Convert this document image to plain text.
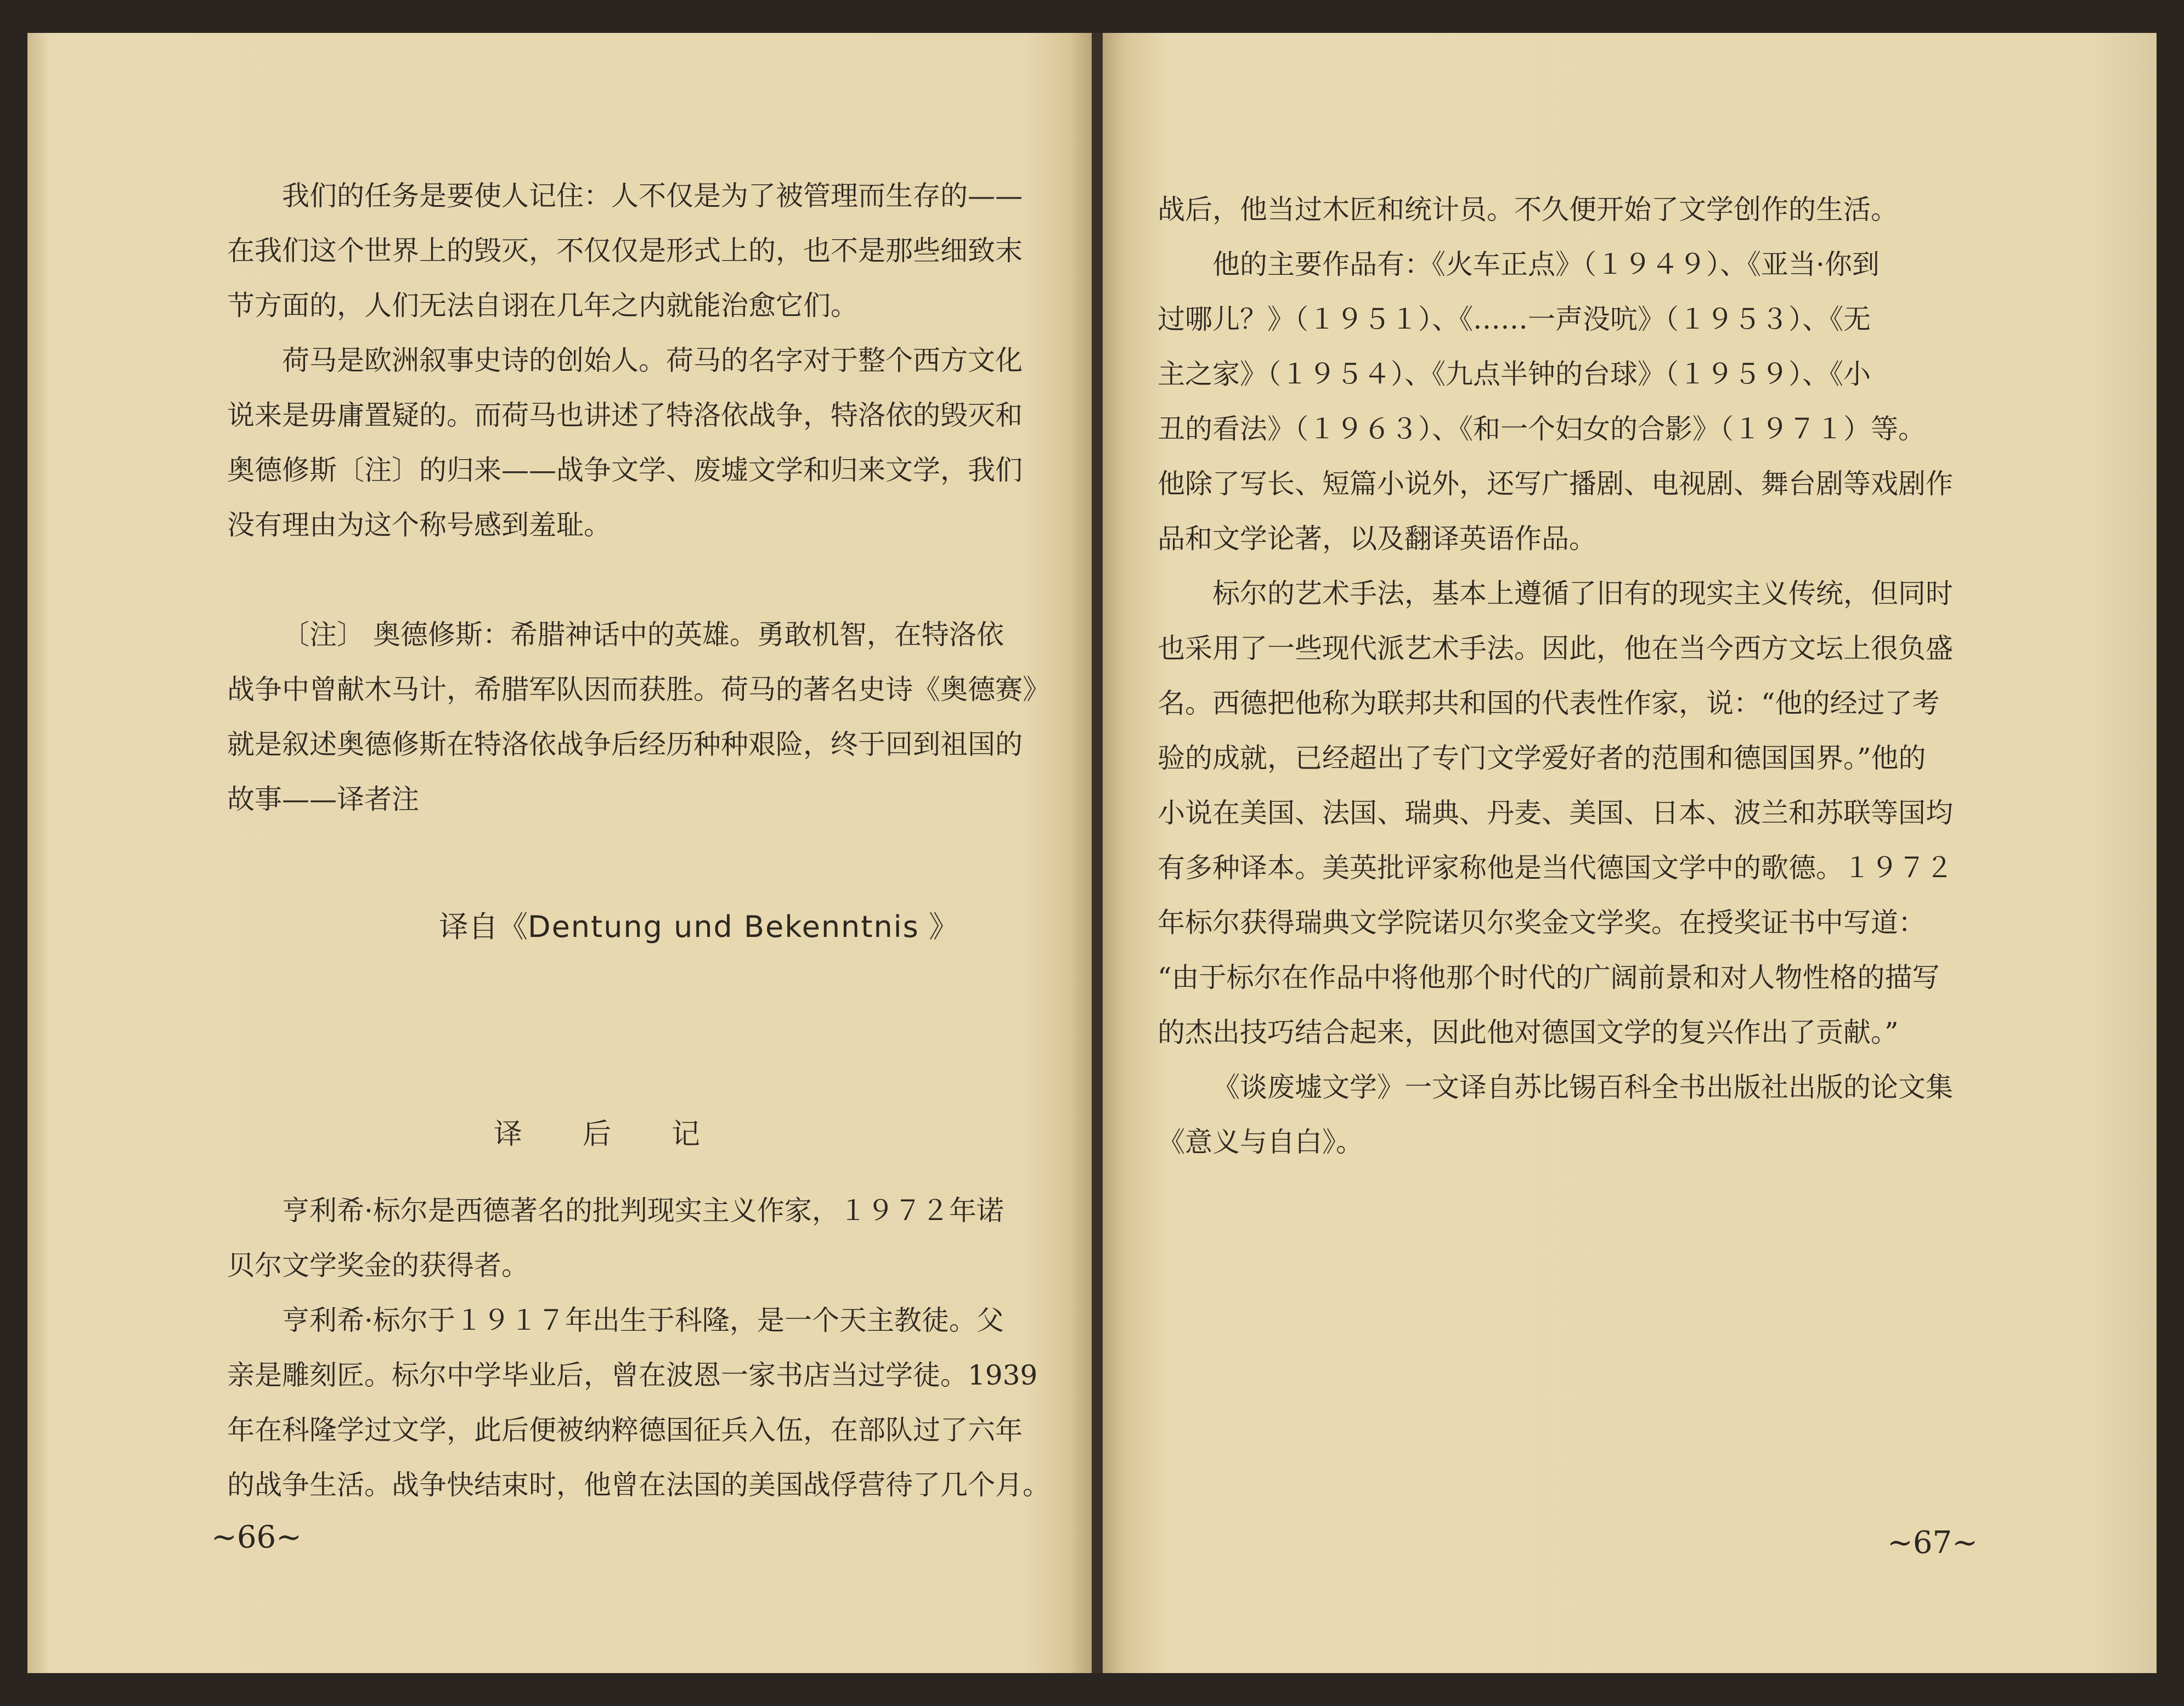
我们的任务是要使人记住：人不仅是为了被管理而生存的——

在我们这个世界上的毁灭，不仅仅是形式上的，也不是那些细致末

节方面的，人们无法自诩在几年之内就能治愈它们。

荷马是欧洲叙事史诗的创始人。荷马的名字对于整个西方文化

说来是毋庸置疑的。而荷马也讲述了特洛依战争，特洛依的毁灭和

奥德修斯〔注〕的归来——战争文学、废墟文学和归来文学，我们

没有理由为这个称号感到羞耻。

〔注〕 奥德修斯：希腊神话中的英雄。勇敢机智，在特洛依

战争中曾献木马计，希腊军队因而获胜。荷马的著名史诗《奥德赛》

就是叙述奥德修斯在特洛依战争后经历种种艰险，终于回到祖国的

故事——译者注

译自《Dentung und Bekenntnis 》
译后记

亨利希·标尔是西德著名的批判现实主义作家，１９７２年诺

贝尔文学奖金的获得者。

亨利希·标尔于１９１７年出生于科隆，是一个天主教徒。父

亲是雕刻匠。标尔中学毕业后，曾在波恩一家书店当过学徒。1939

年在科隆学过文学，此后便被纳粹德国征兵入伍，在部队过了六年

的战争生活。战争快结束时，他曾在法国的美国战俘营待了几个月。

~66~

战后，他当过木匠和统计员。不久便开始了文学创作的生活。

他的主要作品有：《火车正点》（１９４９）、《亚当·你到

过哪儿？》（１９５１）、《……一声没吭》（１９５３）、《无

主之家》（１９５４）、《九点半钟的台球》（１９５９）、《小

丑的看法》（１９６３）、《和一个妇女的合影》（１９７１）等。

他除了写长、短篇小说外，还写广播剧、电视剧、舞台剧等戏剧作

品和文学论著，以及翻译英语作品。

标尔的艺术手法，基本上遵循了旧有的现实主义传统，但同时

也采用了一些现代派艺术手法。因此，他在当今西方文坛上很负盛

名。西德把他称为联邦共和国的代表性作家，说：“他的经过了考

验的成就，已经超出了专门文学爱好者的范围和德国国界。”他的

小说在美国、法国、瑞典、丹麦、美国、日本、波兰和苏联等国均

有多种译本。美英批评家称他是当代德国文学中的歌德。１９７２

年标尔获得瑞典文学院诺贝尔奖金文学奖。在授奖证书中写道：

“由于标尔在作品中将他那个时代的广阔前景和对人物性格的描写

的杰出技巧结合起来，因此他对德国文学的复兴作出了贡献。”

《谈废墟文学》一文译自苏比锡百科全书出版社出版的论文集

《意义与自白》。

~67~
